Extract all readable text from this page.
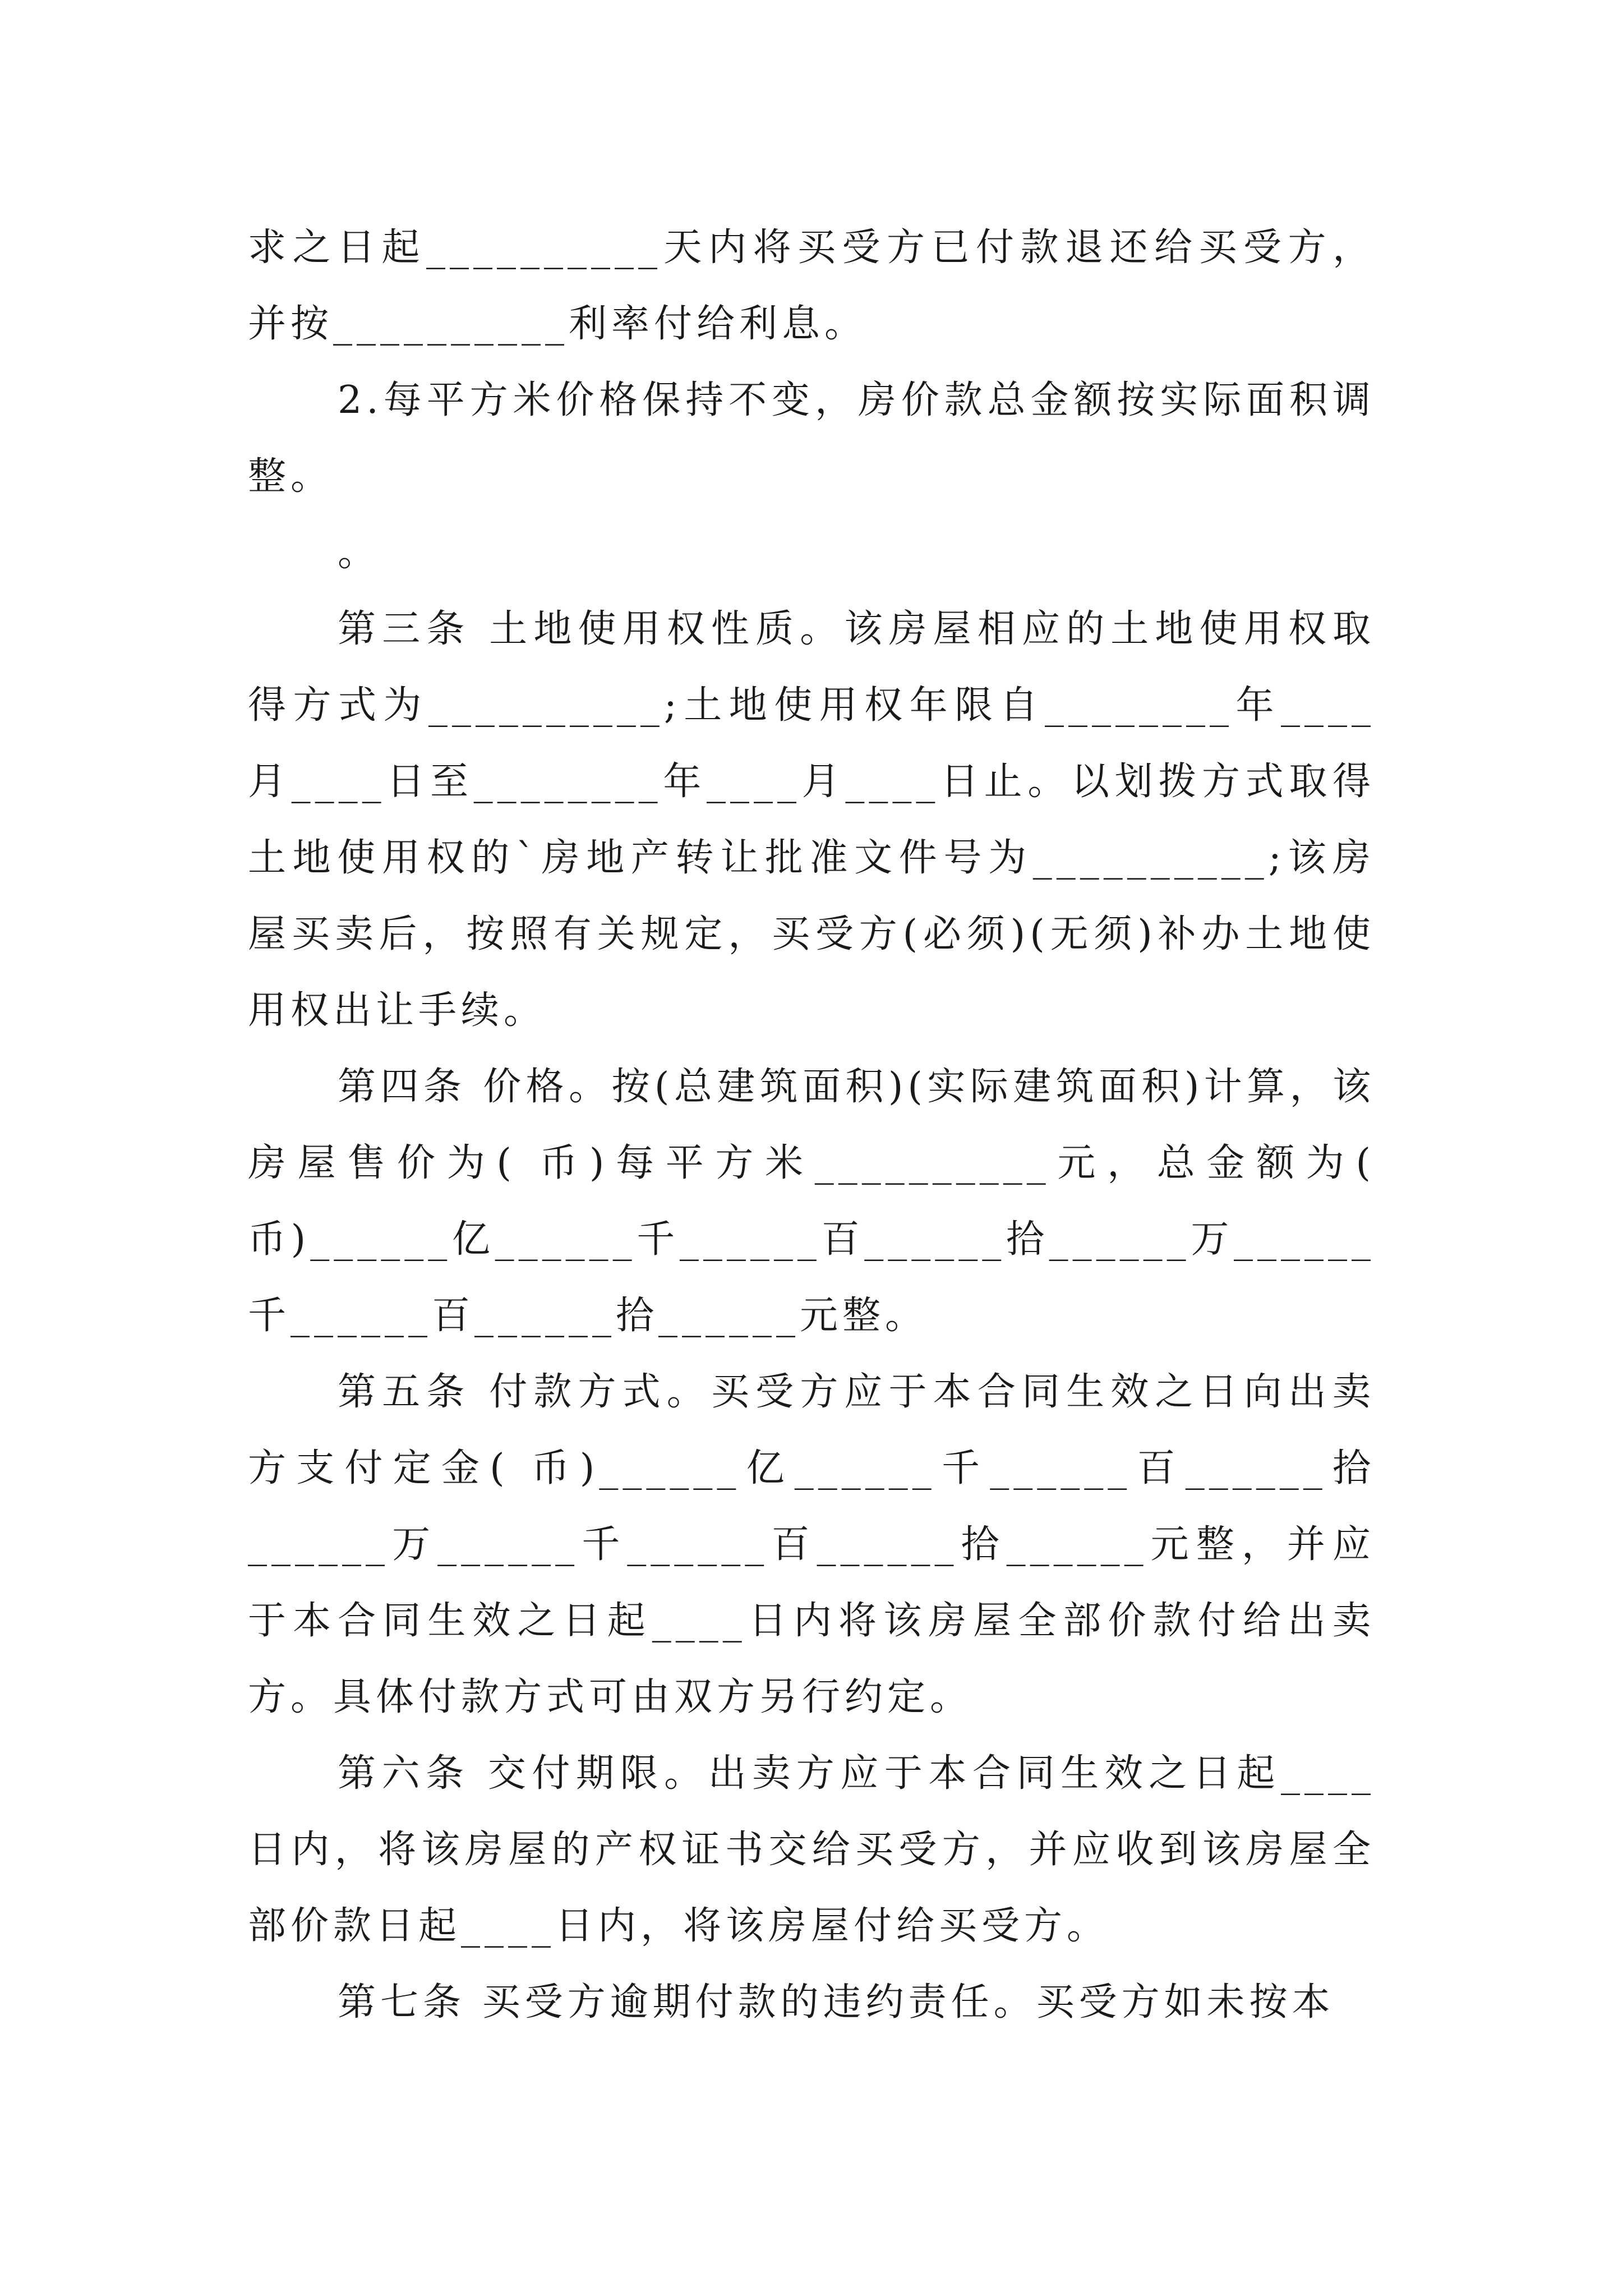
求之日起__________天内将买受方已付款退还给买受方，并按__________利率付给利息。

2.每平方米价格保持不变，房价款总金额按实际面积调整。

。

第三条 土地使用权性质。该房屋相应的土地使用权取得方式为__________;土地使用权年限自________年____月____日至________年____月____日止。以划拨方式取得土地使用权的`房地产转让批准文件号为__________;该房屋买卖后，按照有关规定，买受方(必须)(无须)补办土地使用权出让手续。

第四条 价格。按(总建筑面积)(实际建筑面积)计算，该房屋售价为( 币)每平方米__________元，总金额为( 币)______亿______千______百______拾______万______千______百______拾______元整。

第五条 付款方式。买受方应于本合同生效之日向出卖方支付定金( 币)______亿______千______百______拾______万______千______百______拾______元整，并应于本合同生效之日起____日内将该房屋全部价款付给出卖方。具体付款方式可由双方另行约定。

第六条 交付期限。出卖方应于本合同生效之日起____日内，将该房屋的产权证书交给买受方，并应收到该房屋全部价款日起____日内，将该房屋付给买受方。

第七条 买受方逾期付款的违约责任。买受方如未按本
